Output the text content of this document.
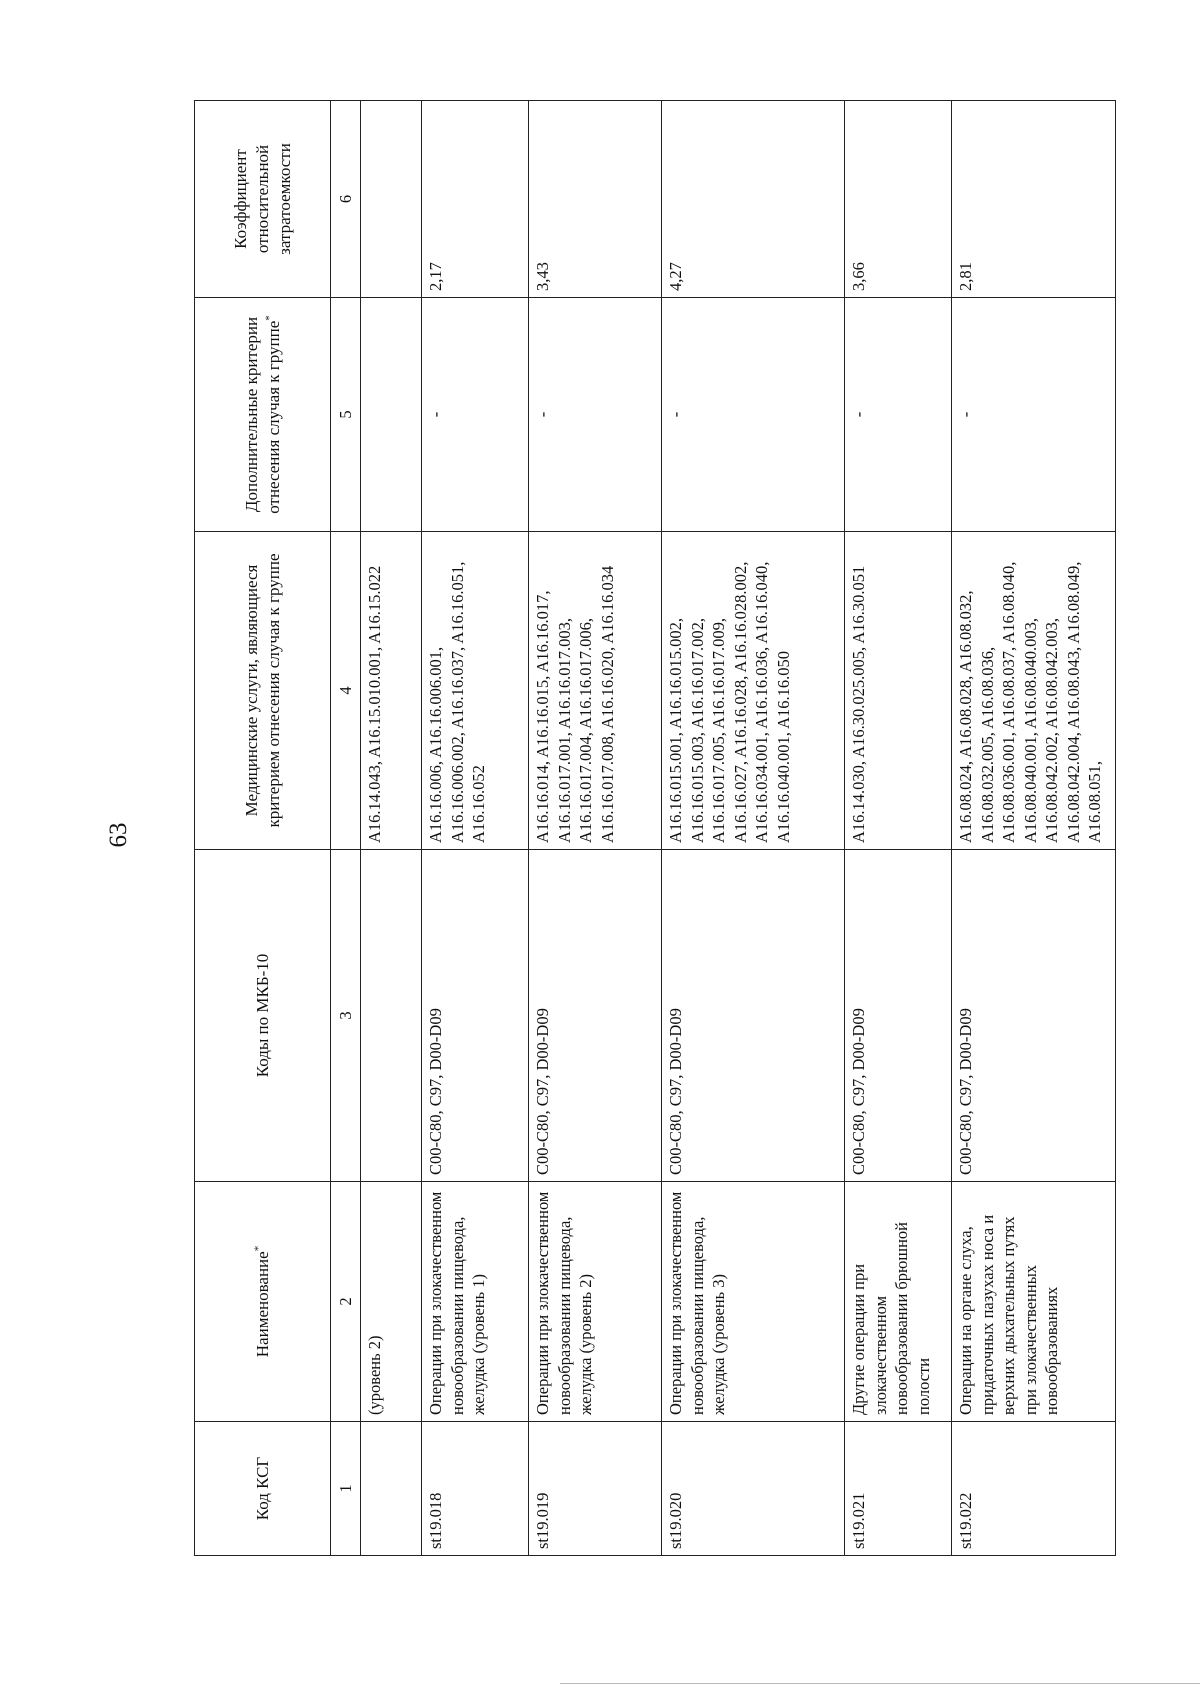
63
Код КСГ	Наименование*	Коды по МКБ-10	Медицинские услуги, являющиеся критерием отнесения случая к группе	Дополнительные критерии отнесения случая к группе*	Коэффициент относительной затратоемкости
1	2	3	4	5	6
	(уровень 2)		A16.14.043, A16.15.010.001, A16.15.022		
st19.018	Операции при злокачественном новообразовании пищевода, желудка (уровень 1)	C00-C80, C97, D00-D09	A16.16.006, A16.16.006.001, A16.16.006.002, A16.16.037, A16.16.051, A16.16.052	-	2,17
st19.019	Операции при злокачественном новообразовании пищевода, желудка (уровень 2)	C00-C80, C97, D00-D09	A16.16.014, A16.16.015, A16.16.017, A16.16.017.001, A16.16.017.003, A16.16.017.004, A16.16.017.006, A16.16.017.008, A16.16.020, A16.16.034	-	3,43
st19.020	Операции при злокачественном новообразовании пищевода, желудка (уровень 3)	C00-C80, C97, D00-D09	A16.16.015.001, A16.16.015.002, A16.16.015.003, A16.16.017.002, A16.16.017.005, A16.16.017.009, A16.16.027, A16.16.028, A16.16.028.002, A16.16.034.001, A16.16.036, A16.16.040, A16.16.040.001, A16.16.050	-	4,27
st19.021	Другие операции при злокачественном новообразовании брюшной полости	C00-C80, C97, D00-D09	A16.14.030, A16.30.025.005, A16.30.051	-	3,66
st19.022	Операции на органе слуха, придаточных пазухах носа и верхних дыхательных путях при злокачественных новообразованиях	C00-C80, C97, D00-D09	A16.08.024, A16.08.028, A16.08.032, A16.08.032.005, A16.08.036, A16.08.036.001, A16.08.037, A16.08.040, A16.08.040.001, A16.08.040.003, A16.08.042.002, A16.08.042.003, A16.08.042.004, A16.08.043, A16.08.049, A16.08.051,	-	2,81
